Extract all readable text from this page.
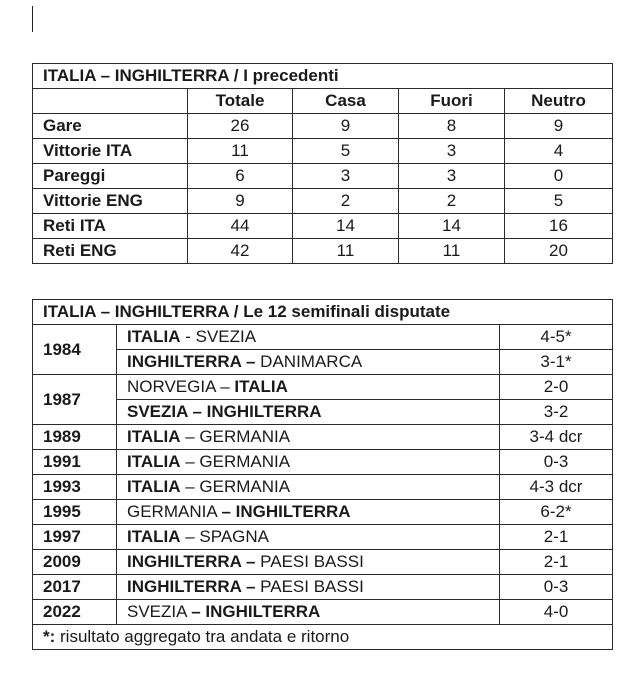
ITALIA – INGHILTERRA / I precedenti				
	Totale	Casa	Fuori	Neutro
Gare	26	9	8	9
Vittorie ITA	11	5	3	4
Pareggi	6	3	3	0
Vittorie ENG	9	2	2	5
Reti ITA	44	14	14	16
Reti ENG	42	11	11	20
ITALIA – INGHILTERRA / Le 12 semifinali disputate		
1984	ITALIA - SVEZIA	4-5*
	INGHILTERRA – DANIMARCA	3-1*
1987	NORVEGIA – ITALIA	2-0
	SVEZIA – INGHILTERRA	3-2
1989	ITALIA – GERMANIA	3-4 dcr
1991	ITALIA – GERMANIA	0-3
1993	ITALIA – GERMANIA	4-3 dcr
1995	GERMANIA – INGHILTERRA	6-2*
1997	ITALIA – SPAGNA	2-1
2009	INGHILTERRA – PAESI BASSI	2-1
2017	INGHILTERRA – PAESI BASSI	0-3
2022	SVEZIA – INGHILTERRA	4-0
*: risultato aggregato tra andata e ritorno		
